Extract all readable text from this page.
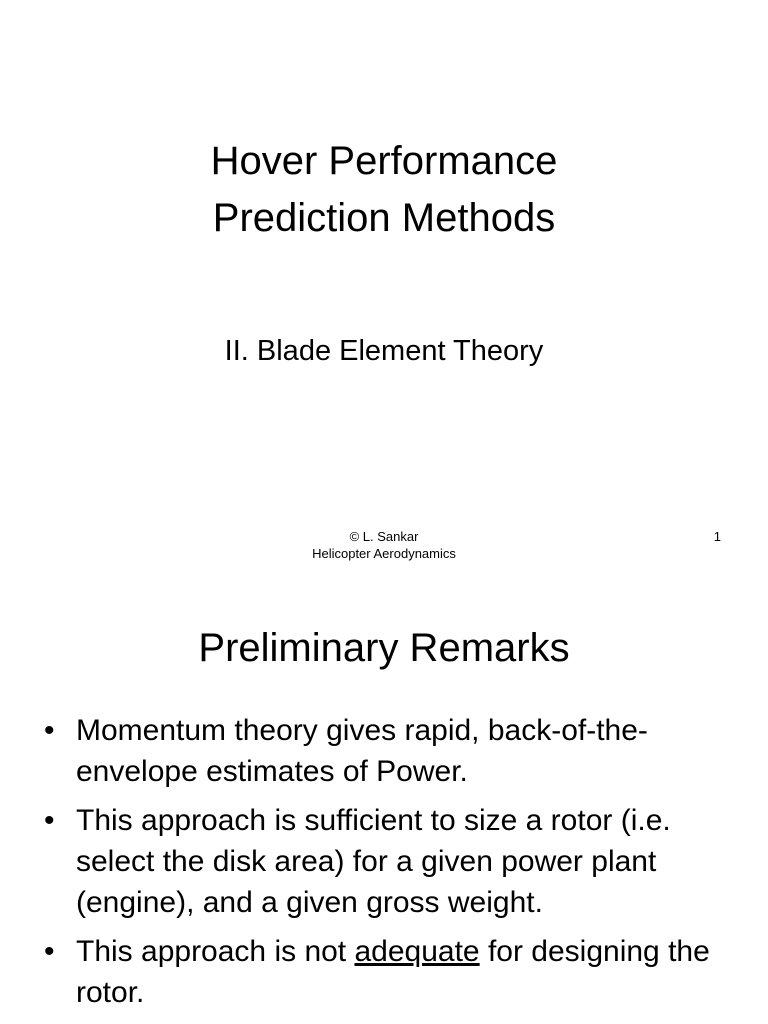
Hover Performance
Prediction Methods
II. Blade Element Theory
© L. Sankar
Helicopter Aerodynamics
1
Preliminary Remarks
• Momentum theory gives rapid, back-of-the-envelope estimates of Power.
• This approach is sufficient to size a rotor (i.e. select the disk area) for a given power plant (engine), and a given gross weight.
• This approach is not adequate for designing the rotor.
